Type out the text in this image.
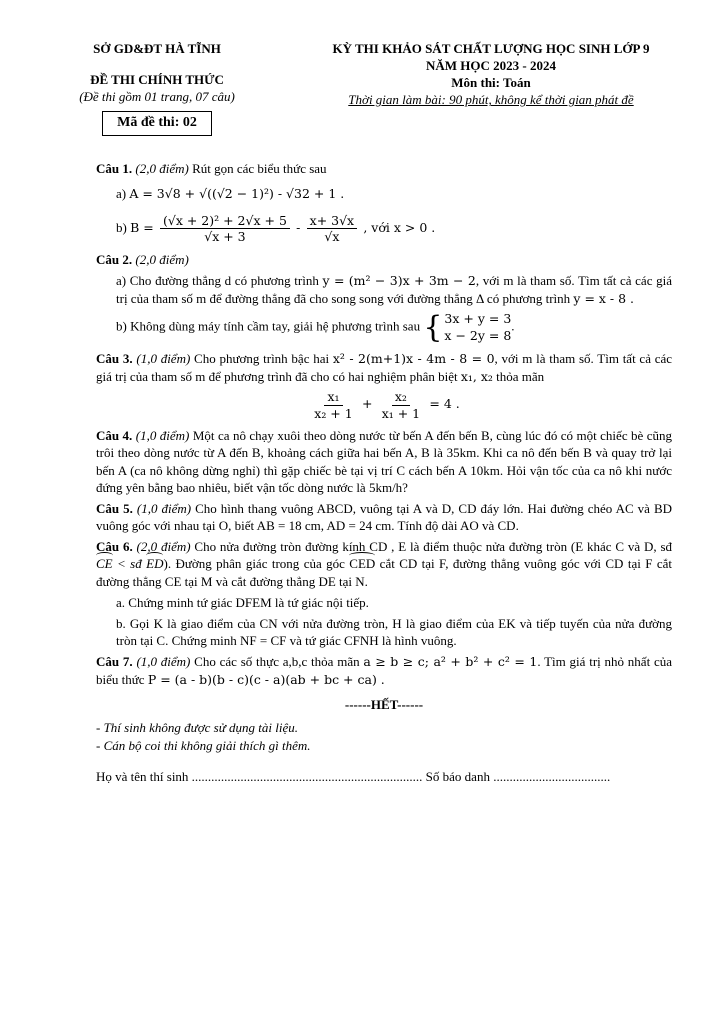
SỞ GD&ĐT HÀ TĨNH
ĐỀ THI CHÍNH THỨC
(Đề thi gồm 01 trang, 07 câu)
Mã đề thi: 02
KỲ THI KHẢO SÁT CHẤT LƯỢNG HỌC SINH LỚP 9
NĂM HỌC 2023 - 2024
Môn thi: Toán
Thời gian làm bài: 90 phút, không kể thời gian phát đề

Câu 1. (2,0 điểm) Rút gọn các biểu thức sau

a) A = 3√8 + √((√2 − 1)²) - √32 + 1 .

b) $B = \frac{\text{(√x + 2)² + 2√x + 5}}{√x + 3} - \frac{x+ 3√x}{√x}$ , với x > 0 .

Câu 2. (2,0 điểm)

a) Cho đường thẳng d có phương trình y = (m² − 3)x + 3m − 2, với m là tham số. Tìm tất cả các giá trị của tham số m để đường thẳng đã cho song song với đường thẳng Δ có phương trình y = x - 8 .

b) Không dùng máy tính cầm tay, giải hệ phương trình sau { 3x + y = 3
x − 2y = 8
.

Câu 3. (1,0 điểm) Cho phương trình bậc hai x² - 2(m+1)x - 4m - 8 = 0, với m là tham số. Tìm tất cả các giá trị của tham số m để phương trình đã cho có hai nghiệm phân biệt x₁, x₂ thỏa mãn

$\frac{\text{x₁}}{\text{x₂ + 1}} + \frac{\text{x₂}}{\text{x₁ + 1}} = 4$ .

Câu 4. (1,0 điểm) Một ca nô chạy xuôi theo dòng nước từ bến A đến bến B, cùng lúc đó có một chiếc bè cũng trôi theo dòng nước từ A đến B, khoảng cách giữa hai bến A, B là 35km. Khi ca nô đến bến B và quay trở lại bến A (ca nô không dừng nghỉ) thì gặp chiếc bè tại vị trí C cách bến A 10km. Hỏi vận tốc của ca nô khi nước đứng yên bằng bao nhiêu, biết vận tốc dòng nước là 5km/h?

Câu 5. (1,0 điểm) Cho hình thang vuông ABCD, vuông tại A và D, CD đáy lớn. Hai đường chéo AC và BD vuông góc với nhau tại O, biết AB = 18 cm, AD = 24 cm. Tính độ dài AO và CD.

Câu 6. (2,0 điểm) Cho nửa đường tròn đường kính CD , E là điểm thuộc nửa đường tròn (E khác C và D, sđ CE < sđ ED). Đường phân giác trong của góc CED cắt CD tại F, đường thẳng vuông góc với CD tại F cắt đường thẳng CE tại M và cắt đường thẳng DE tại N.

a. Chứng minh tứ giác DFEM là tứ giác nội tiếp.

b. Gọi K là giao điểm của CN với nửa đường tròn, H là giao điểm của EK và tiếp tuyến của nửa đường tròn tại C. Chứng minh NF = CF và tứ giác CFNH là hình vuông.

Câu 7. (1,0 điểm) Cho các số thực a,b,c thỏa mãn a ≥ b ≥ c; a² + b² + c² = 1. Tìm giá trị nhỏ nhất của biểu thức P = (a - b)(b - c)(c - a)(ab + bc + ca) .

------HẾT------

- Thí sinh không được sử dụng tài liệu.
- Cán bộ coi thi không giải thích gì thêm.
Họ và tên thí sinh ....................................................................... Số báo danh ....................................
